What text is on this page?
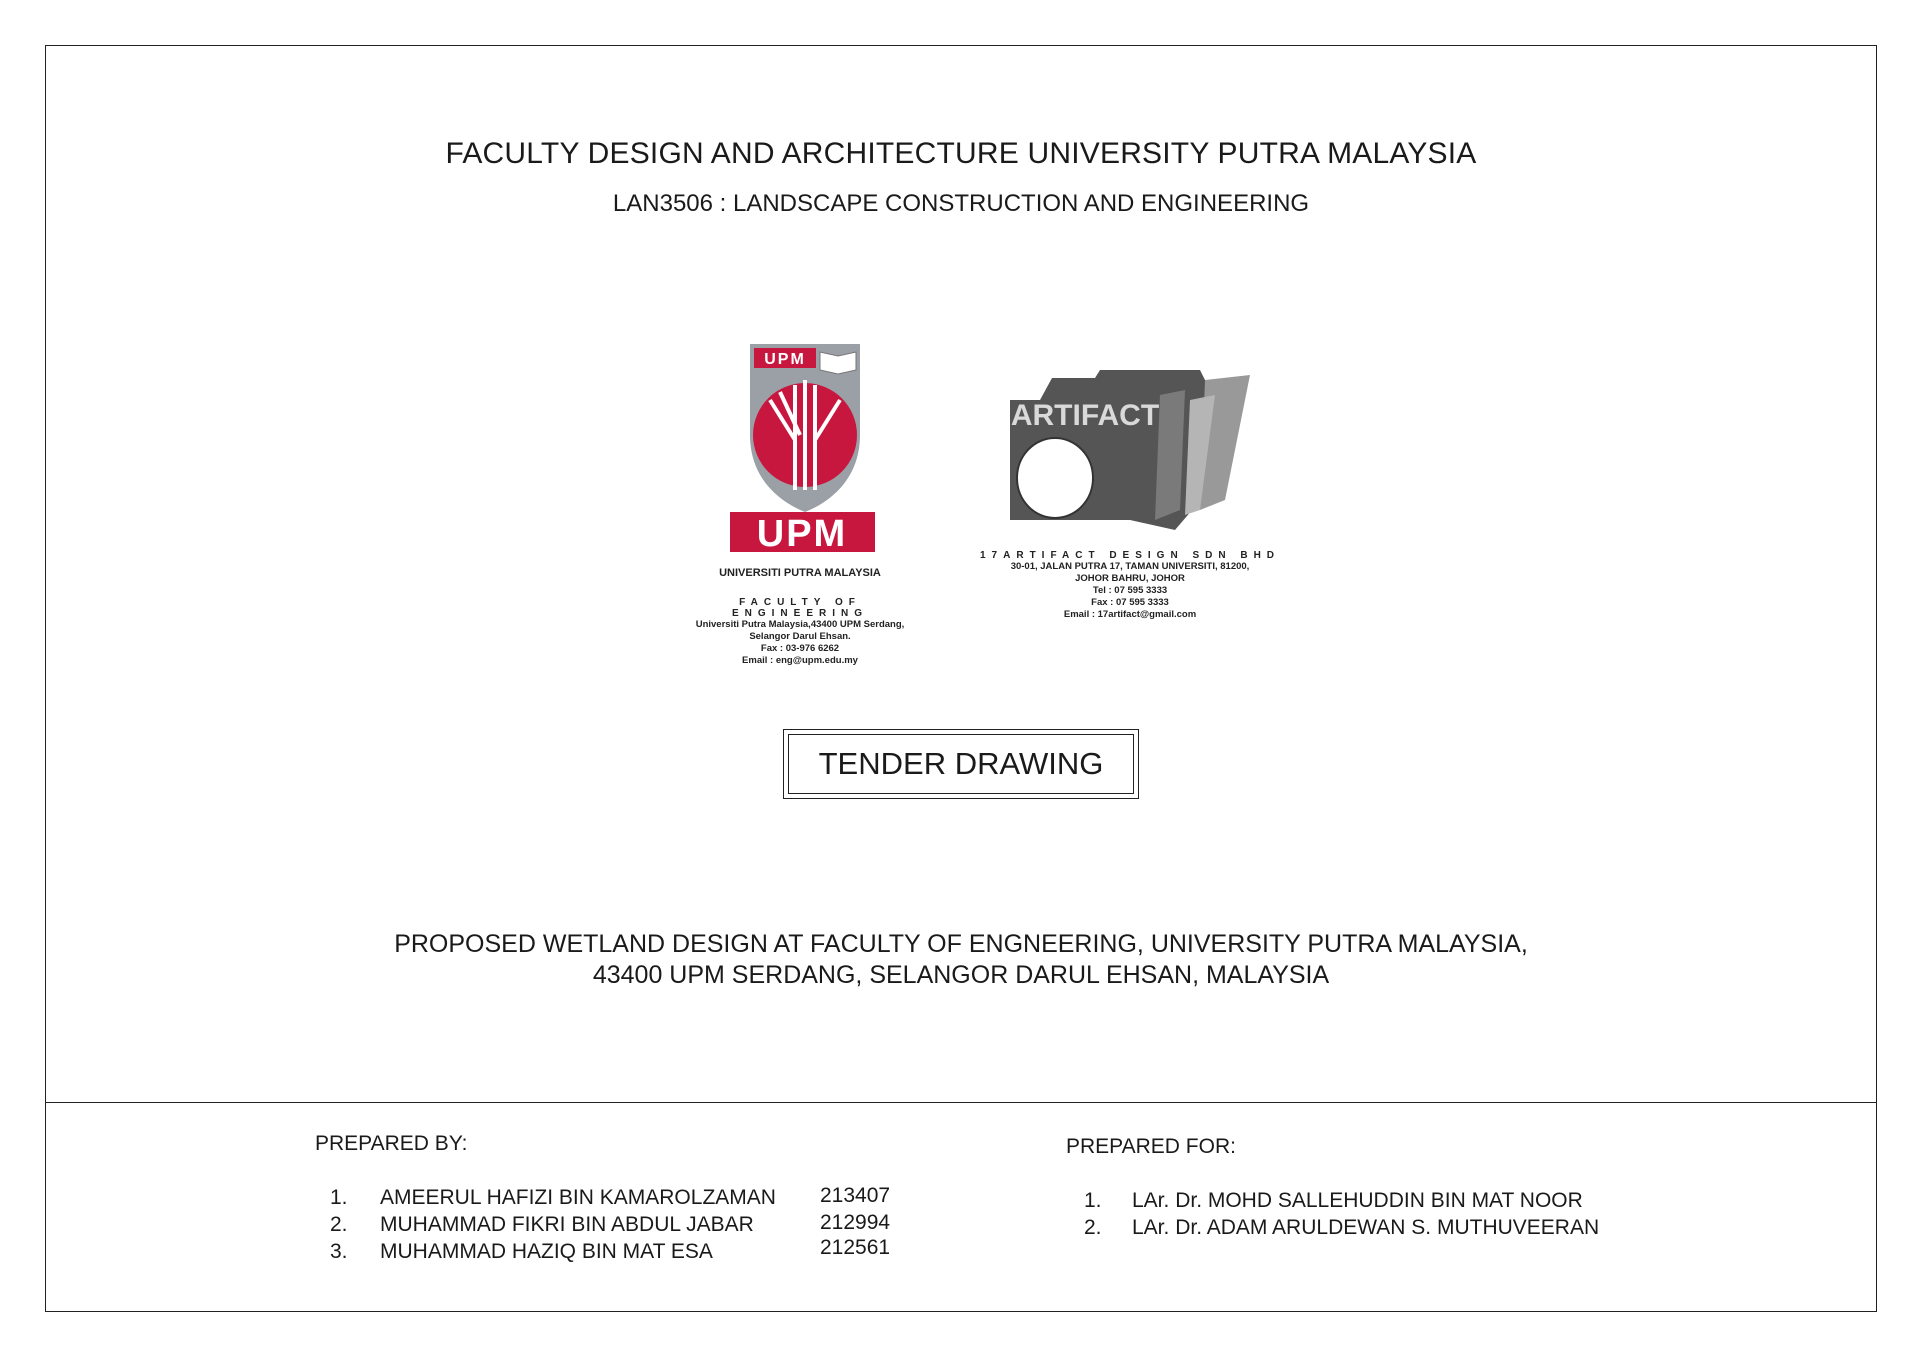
FACULTY DESIGN AND ARCHITECTURE UNIVERSITY PUTRA MALAYSIA
LAN3506 : LANDSCAPE CONSTRUCTION AND ENGINEERING
UPM
UPM
UNIVERSITI PUTRA MALAYSIA
FACULTY OF ENGINEERING
Universiti Putra Malaysia,43400 UPM Serdang,
Selangor Darul Ehsan.
Fax : 03-976 6262
Email : eng@upm.edu.my
ARTIFACT
17ARTIFACT DESIGN SDN BHD
30-01, JALAN PUTRA 17, TAMAN UNIVERSITI, 81200,
JOHOR BAHRU, JOHOR
Tel : 07 595 3333
Fax : 07 595 3333
Email : 17artifact@gmail.com
TENDER DRAWING
PROPOSED WETLAND DESIGN AT FACULTY OF ENGNEERING, UNIVERSITY PUTRA MALAYSIA,
43400 UPM SERDANG, SELANGOR DARUL EHSAN, MALAYSIA
PREPARED BY:
1. AMEERUL HAFIZI BIN KAMAROLZAMAN 213407
2. MUHAMMAD FIKRI BIN ABDUL JABAR	212994
3. MUHAMMAD HAZIQ BIN MAT ESA	212561
PREPARED FOR:
1. LAr. Dr. MOHD SALLEHUDDIN BIN MAT NOOR
2. LAr. Dr. ADAM ARULDEWAN S. MUTHUVEERAN
